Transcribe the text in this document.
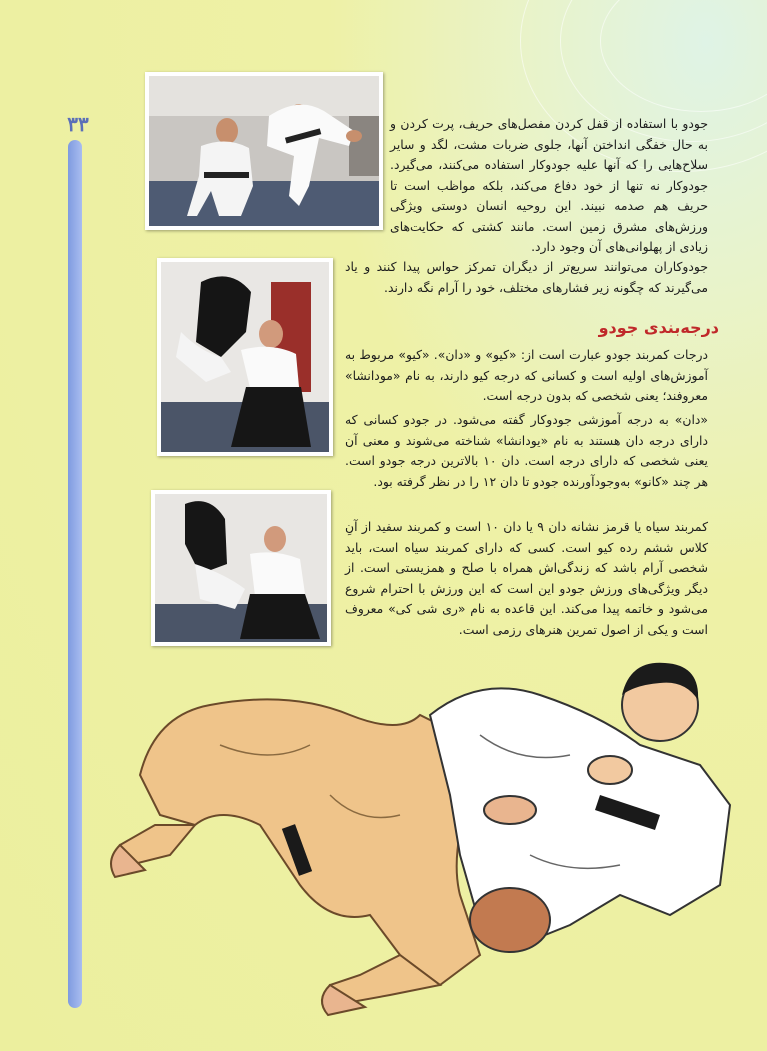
۳۳	جودو با استفاده از قفل کردن مفصل‌های حریف، پرت کردن و به حال خفگی انداختن آنها، جلوی ضربات مشت، لگد و سایر سلاح‌هایی را که آنها علیه جودوکار استفاده می‌کنند، می‌گیرد. جودوکار نه تنها از خود دفاع می‌کند، بلکه مواظب است تا حریف هم صدمه نبیند. این روحیه انسان دوستی ویژگی ورزش‌های مشرق زمین است. مانند کشتی که حکایت‌های زیادی از پهلوانی‌های آن وجود دارد.

جودوکاران می‌توانند سریع‌تر از دیگران تمرکز حواس پیدا کنند و یاد می‌گیرند که چگونه زیر فشارهای مختلف، خود را آرام نگه دارند.

درجه‌بندی جودو

درجات کمربند جودو عبارت است از: «کیو» و «دان». «کیو» مربوط به آموزش‌های اولیه است و کسانی که درجه کیو دارند، به نام «مودانشا» معروفند؛ یعنی شخصی که بدون درجه است.

«دان» به درجه آموزشی جودوکار گفته می‌شود. در جودو کسانی که دارای درجه دان هستند به نام «یودانشا» شناخته می‌شوند و معنی آن یعنی شخصی که دارای درجه است. دان ۱۰ بالاترین درجه جودو است. هر چند «کانو» به‌وجودآورنده جودو تا دان ۱۲ را در نظر گرفته بود.

کمربند سیاه یا قرمز نشانه دان ۹ یا دان ۱۰ است و کمربند سفید از آنِ کلاس ششم رده کیو است. کسی که دارای کمربند سیاه است، باید شخصی آرام باشد که زندگی‌اش همراه با صلح و همزیستی است. از دیگر ویژگی‌های ورزش جودو این است که این ورزش با احترام شروع می‌شود و خاتمه پیدا می‌کند. این قاعده به نام «ری شی کی» معروف است و یکی از اصول تمرین هنرهای رزمی است.
